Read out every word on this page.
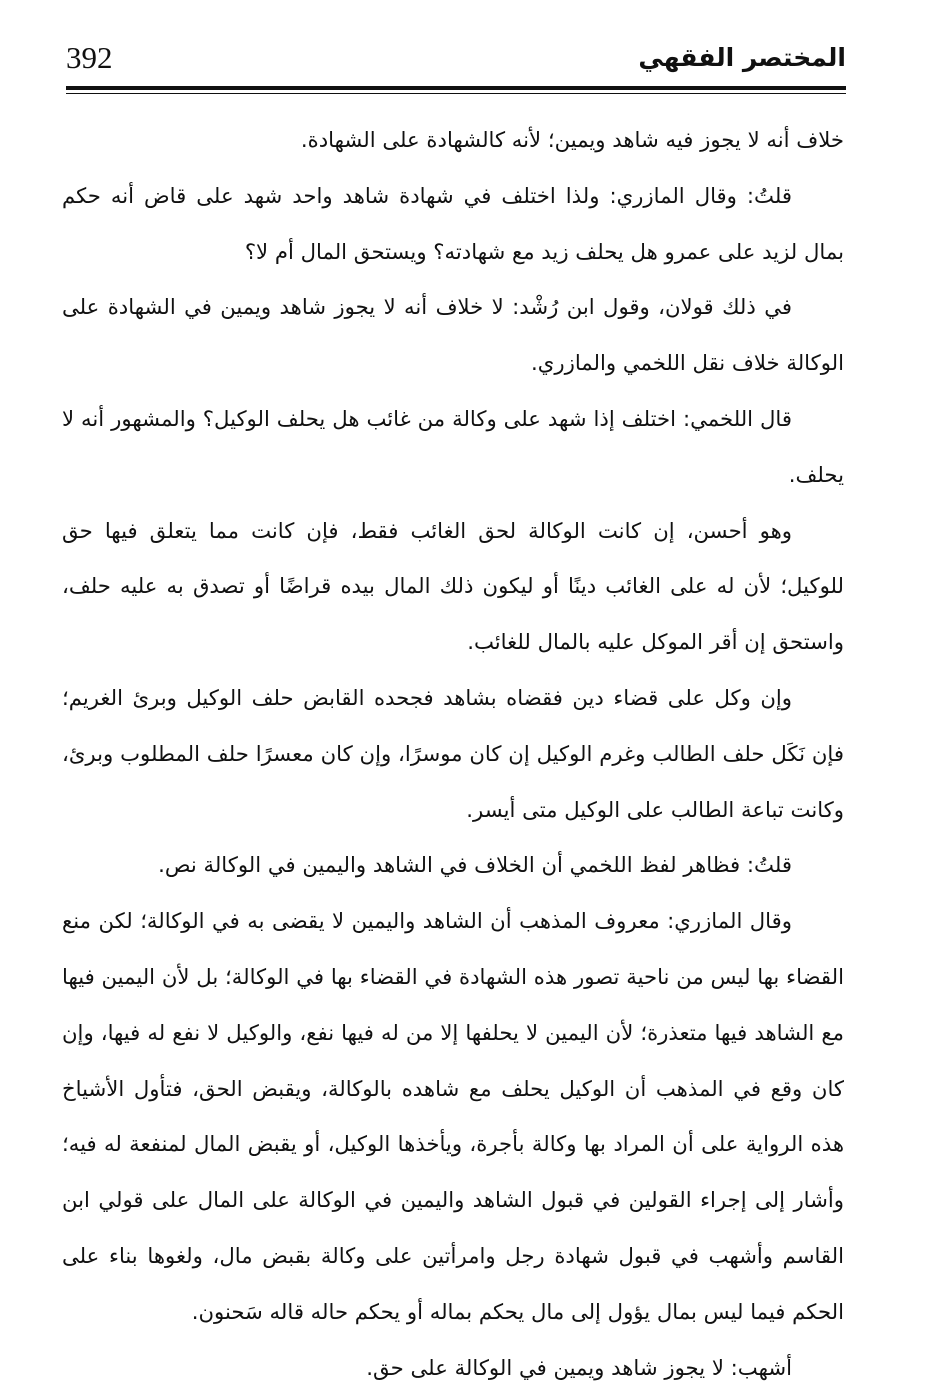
392	المختصر الفقهي

خلاف أنه لا يجوز فيه شاهد ويمين؛ لأنه كالشهادة على الشهادة.

قلتُ: وقال المازري: ولذا اختلف في شهادة شاهد واحد شهد على قاض أنه حكم بمال لزيد على عمرو هل يحلف زيد مع شهادته؟ ويستحق المال أم لا؟

في ذلك قولان، وقول ابن رُشْد: لا خلاف أنه لا يجوز شاهد ويمين في الشهادة على الوكالة خلاف نقل اللخمي والمازري.

قال اللخمي: اختلف إذا شهد على وكالة من غائب هل يحلف الوكيل؟ والمشهور أنه لا يحلف.

وهو أحسن، إن كانت الوكالة لحق الغائب فقط، فإن كانت مما يتعلق فيها حق للوكيل؛ لأن له على الغائب دينًا أو ليكون ذلك المال بيده قراضًا أو تصدق به عليه حلف، واستحق إن أقر الموكل عليه بالمال للغائب.

وإن وكل على قضاء دين فقضاه بشاهد فجحده القابض حلف الوكيل وبرئ الغريم؛ فإن نَكَل حلف الطالب وغرم الوكيل إن كان موسرًا، وإن كان معسرًا حلف المطلوب وبرئ، وكانت تباعة الطالب على الوكيل متى أيسر.

قلتُ: فظاهر لفظ اللخمي أن الخلاف في الشاهد واليمين في الوكالة نص.

وقال المازري: معروف المذهب أن الشاهد واليمين لا يقضى به في الوكالة؛ لكن منع القضاء بها ليس من ناحية تصور هذه الشهادة في القضاء بها في الوكالة؛ بل لأن اليمين فيها مع الشاهد فيها متعذرة؛ لأن اليمين لا يحلفها إلا من له فيها نفع، والوكيل لا نفع له فيها، وإن كان وقع في المذهب أن الوكيل يحلف مع شاهده بالوكالة، ويقبض الحق، فتأول الأشياخ هذه الرواية على أن المراد بها وكالة بأجرة، ويأخذها الوكيل، أو يقبض المال لمنفعة له فيه؛ وأشار إلى إجراء القولين في قبول الشاهد واليمين في الوكالة على المال على قولي ابن القاسم وأشهب في قبول شهادة رجل وامرأتين على وكالة بقبض مال، ولغوها بناء على الحكم فيما ليس بمال يؤول إلى مال يحكم بماله أو يحكم حاله قاله سَحنون.

أشهب: لا يجوز شاهد ويمين في الوكالة على حق.
